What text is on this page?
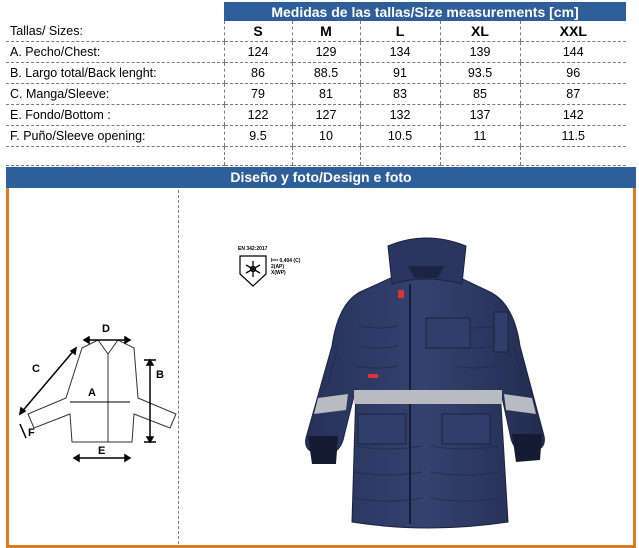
	Medidas de las tallas/Size measurements [cm]				
Tallas/ Sizes:	S	M	L	XL	XXL
A. Pecho/Chest:	124	129	134	139	144
B. Largo total/Back lenght:	86	88.5	91	93.5	96
C. Manga/Sleeve:	79	81	83	85	87
E. Fondo/Bottom :	122	127	132	137	142
F. Puño/Sleeve opening:	9.5	10	10.5	11	11.5

Diseño y foto/Design e foto
D
B
C
A
E
F
EN 342:2017
Iᶜˡᵉʳ 0,404 (C)
2(AP)
X(WP)
